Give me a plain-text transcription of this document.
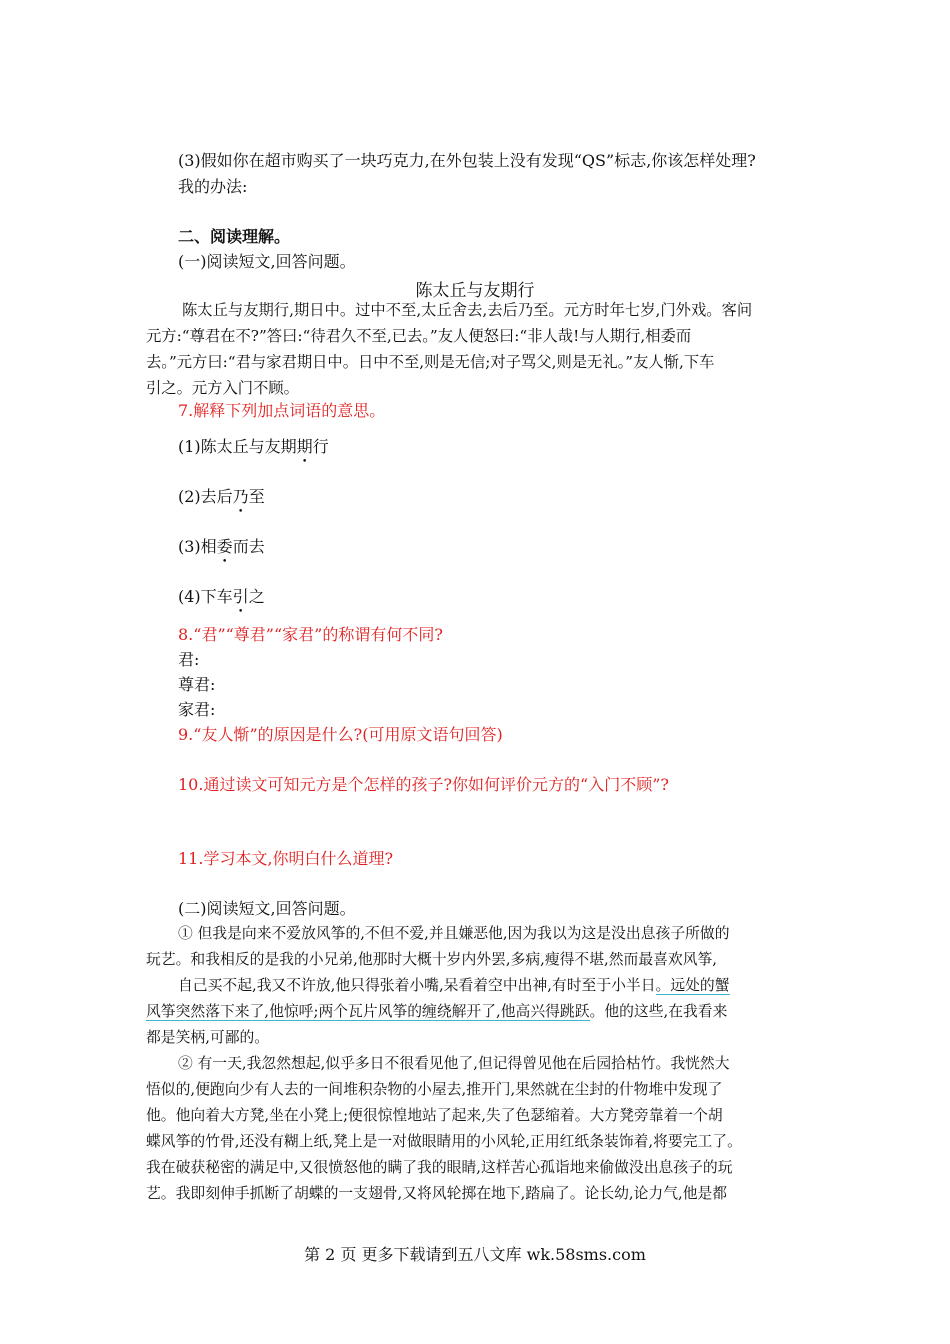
(3)假如你在超市购买了一块巧克力,在外包装上没有发现“QS”标志,你该怎样处理?
我的办法:
二、阅读理解。
(一)阅读短文,回答问题。
陈太丘与友期行
陈太丘与友期行,期日中。过中不至,太丘舍去,去后乃至。元方时年七岁,门外戏。客问
元方:“尊君在不?”答曰:“待君久不至,已去。”友人便怒曰:“非人哉!与人期行,相委而
去。”元方曰:“君与家君期日中。日中不至,则是无信;对子骂父,则是无礼。”友人惭,下车
引之。元方入门不顾。
7.解释下列加点词语的意思。
(1)陈太丘与友期期行
(2)去后乃至
(3)相委而去
(4)下车引之
8.“君”“尊君”“家君”的称谓有何不同?
君:
尊君:
家君:
9.“友人惭”的原因是什么?(可用原文语句回答)
10.通过读文可知元方是个怎样的孩子?你如何评价元方的“入门不顾”?
11.学习本文,你明白什么道理?
(二)阅读短文,回答问题。
① 但我是向来不爱放风筝的,不但不爱,并且嫌恶他,因为我以为这是没出息孩子所做的
玩艺。和我相反的是我的小兄弟,他那时大概十岁内外罢,多病,瘦得不堪,然而最喜欢风筝,
自己买不起,我又不许放,他只得张着小嘴,呆看着空中出神,有时至于小半日。远处的蟹
风筝突然落下来了,他惊呼;两个瓦片风筝的缠绕解开了,他高兴得跳跃。他的这些,在我看来
都是笑柄,可鄙的。
② 有一天,我忽然想起,似乎多日不很看见他了,但记得曾见他在后园拾枯竹。我恍然大
悟似的,便跑向少有人去的一间堆积杂物的小屋去,推开门,果然就在尘封的什物堆中发现了
他。他向着大方凳,坐在小凳上;便很惊惶地站了起来,失了色瑟缩着。大方凳旁靠着一个胡
蝶风筝的竹骨,还没有糊上纸,凳上是一对做眼睛用的小风轮,正用红纸条装饰着,将要完工了。
我在破获秘密的满足中,又很愤怒他的瞒了我的眼睛,这样苦心孤诣地来偷做没出息孩子的玩
艺。我即刻伸手抓断了胡蝶的一支翅骨,又将风轮掷在地下,踏扁了。论长幼,论力气,他是都
第 2 页 更多下载请到五八文库 wk.58sms.com
